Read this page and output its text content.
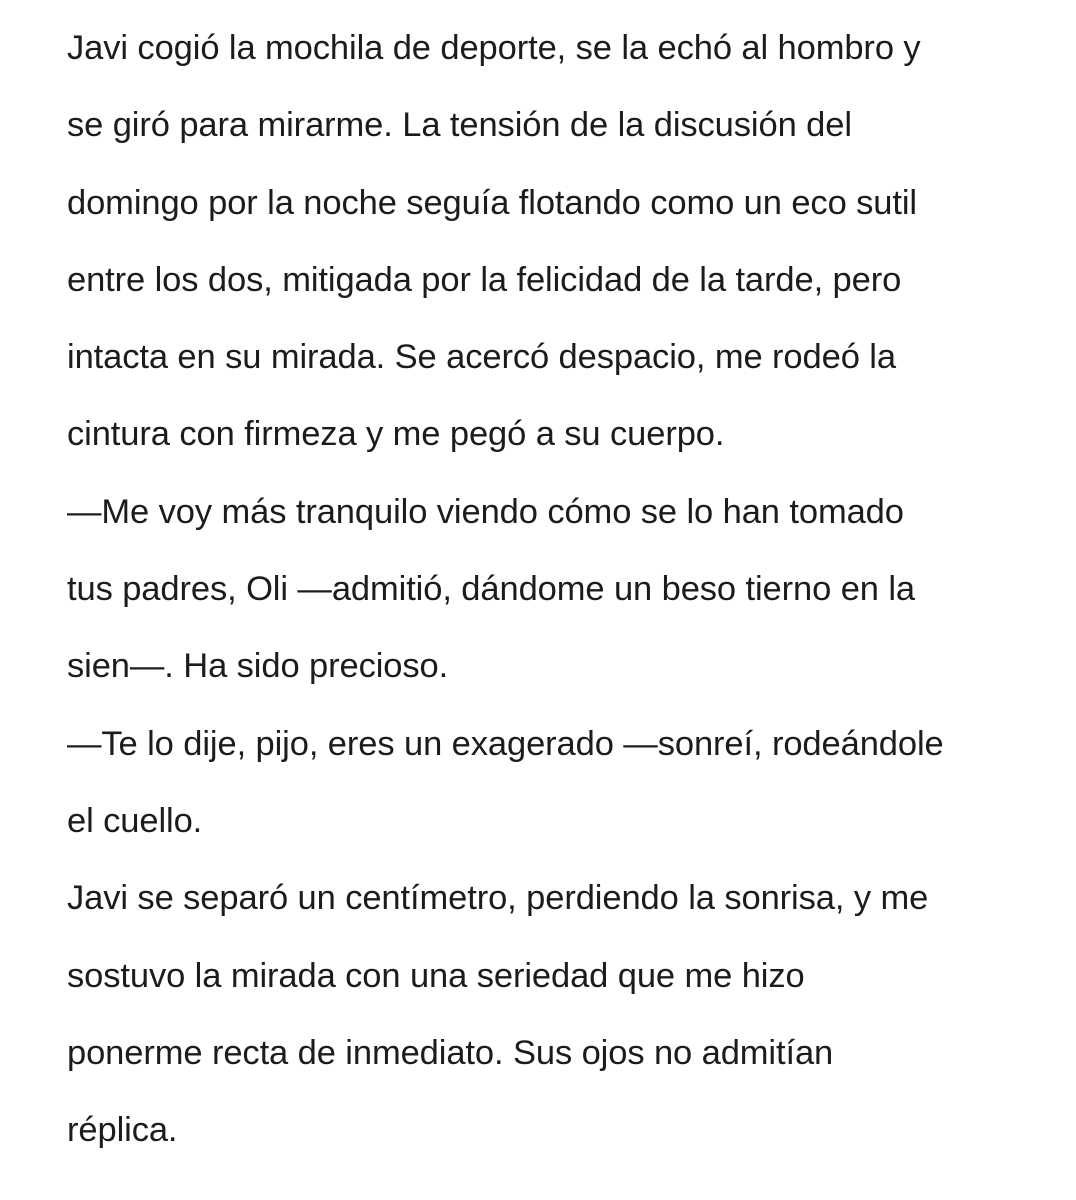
Javi cogió la mochila de deporte, se la echó al hombro y
se giró para mirarme. La tensión de la discusión del
domingo por la noche seguía flotando como un eco sutil
entre los dos, mitigada por la felicidad de la tarde, pero
intacta en su mirada. Se acercó despacio, me rodeó la
cintura con firmeza y me pegó a su cuerpo.
—Me voy más tranquilo viendo cómo se lo han tomado
tus padres, Oli —admitió, dándome un beso tierno en la
sien—. Ha sido precioso.
—Te lo dije, pijo, eres un exagerado —sonreí, rodeándole
el cuello.
Javi se separó un centímetro, perdiendo la sonrisa, y me
sostuvo la mirada con una seriedad que me hizo
ponerme recta de inmediato. Sus ojos no admitían
réplica.
